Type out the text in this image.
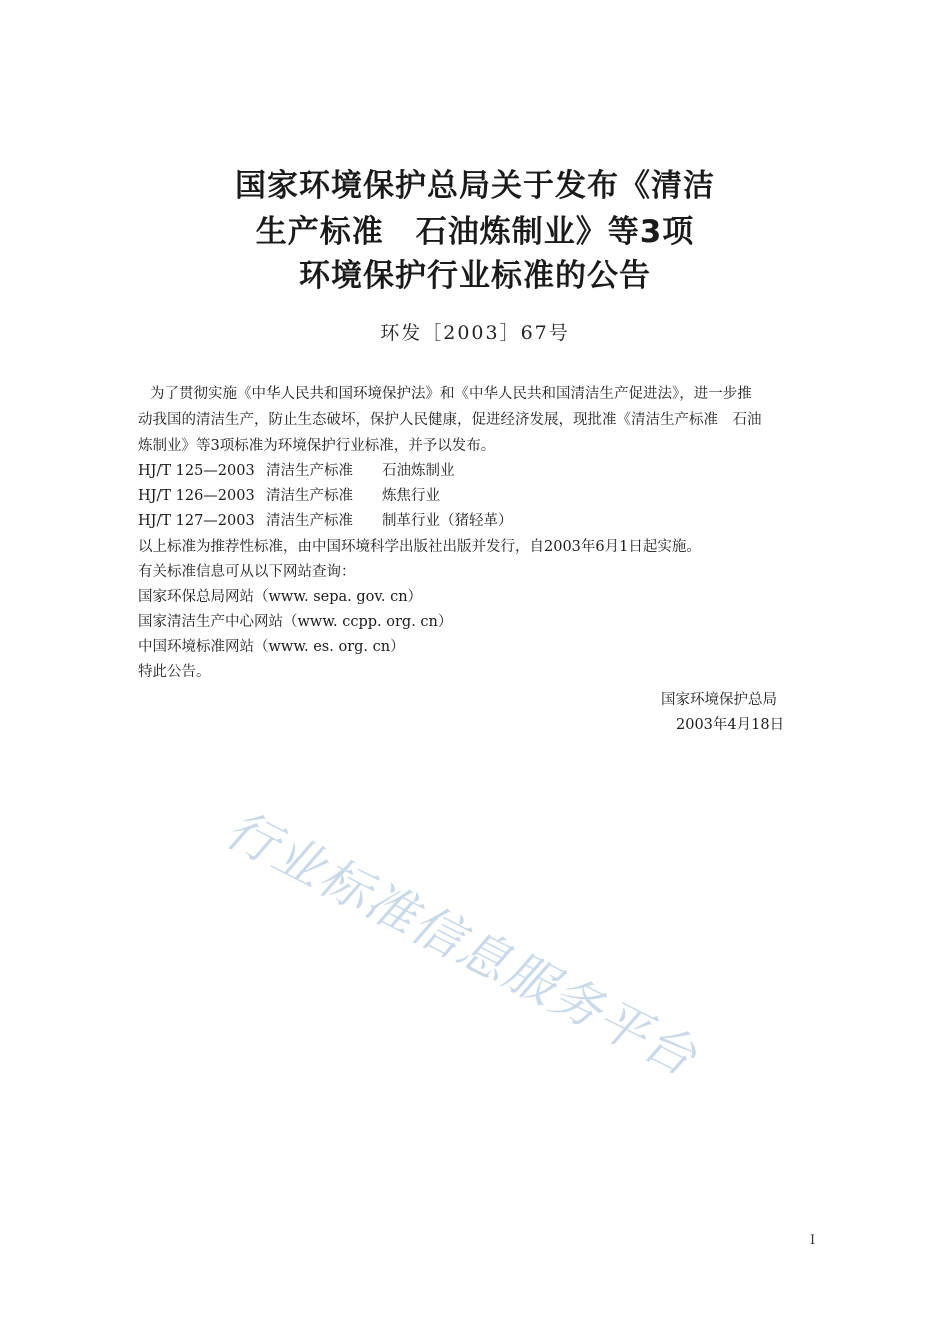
国家环境保护总局关于发布《清洁
生产标准　石油炼制业》等3项
环境保护行业标准的公告
环发［2003］67号
为了贯彻实施《中华人民共和国环境保护法》和《中华人民共和国清洁生产促进法》，进一步推
动我国的清洁生产，防止生态破坏，保护人民健康，促进经济发展，现批准《清洁生产标准　石油
炼制业》等3项标准为环境保护行业标准，并予以发布。
HJ/T 125—2003 清洁生产标准 石油炼制业
HJ/T 126—2003 清洁生产标准 炼焦行业
HJ/T 127—2003 清洁生产标准 制革行业（猪轻革）
以上标准为推荐性标准，由中国环境科学出版社出版并发行，自2003年6月1日起实施。
有关标准信息可从以下网站查询：
国家环保总局网站（www. sepa. gov. cn）
国家清洁生产中心网站（www. ccpp. org. cn）
中国环境标准网站（www. es. org. cn）
特此公告。
国家环境保护总局
2003年4月18日
行业标准信息服务平台
I
